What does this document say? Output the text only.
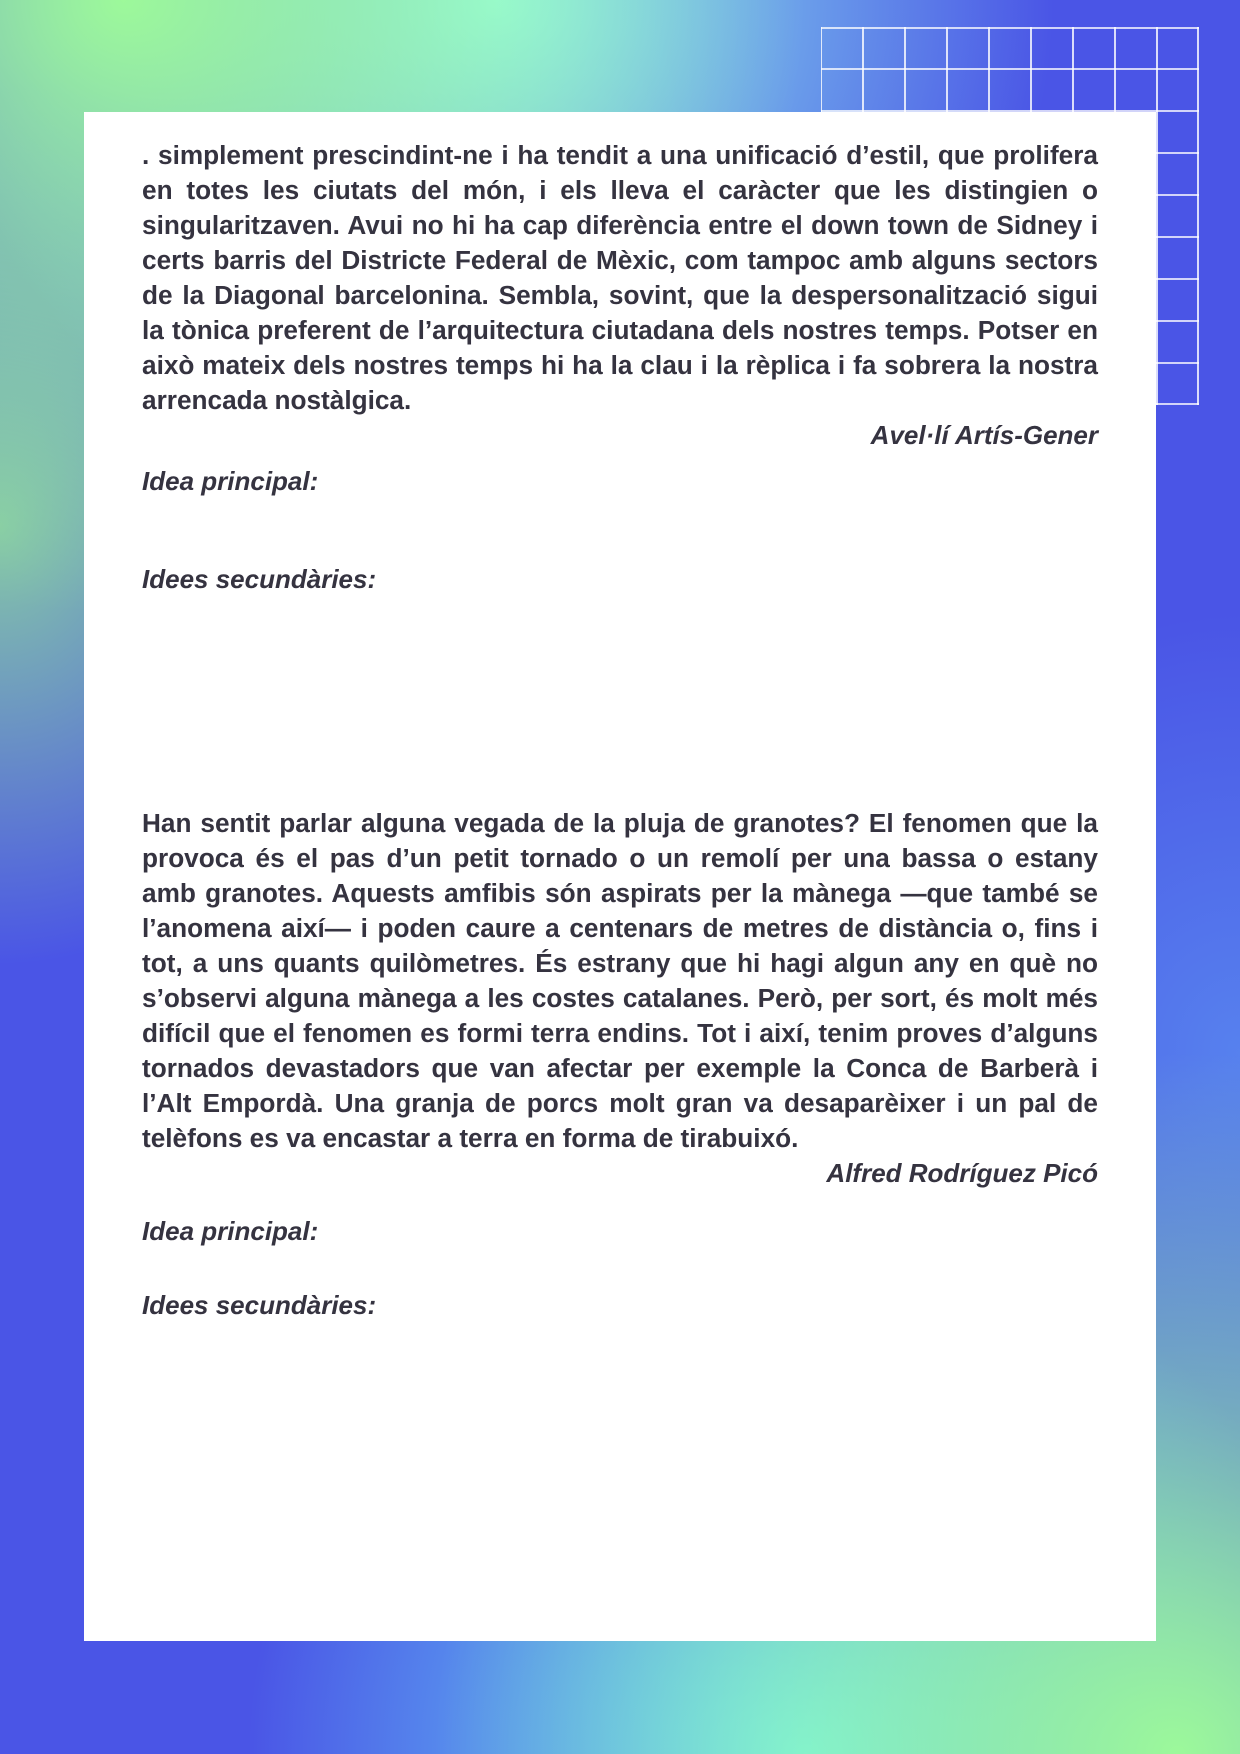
. simplement prescindint-ne i ha tendit a una unificació d’estil, que prolifera en totes les ciutats del món, i els lleva el caràcter que les distingien o singularitzaven. Avui no hi ha cap diferència entre el down town de Sidney i certs barris del Districte Federal de Mèxic, com tampoc amb alguns sectors de la Diagonal barcelonina. Sembla, sovint, que la despersonalització sigui la tònica preferent de l’arquitectura ciutadana dels nostres temps. Potser en això mateix dels nostres temps hi ha la clau i la rèplica i fa sobrera la nostra arrencada nostàlgica.

Avel·lí Artís-Gener

Idea principal:

Idees secundàries:

Han sentit parlar alguna vegada de la pluja de granotes? El fenomen que la provoca és el pas d’un petit tornado o un remolí per una bassa o estany amb granotes. Aquests amfibis són aspirats per la mànega —que també se l’anomena així— i poden caure a centenars de metres de distància o, fins i tot, a uns quants quilòmetres. És estrany que hi hagi algun any en què no s’observi alguna mànega a les costes catalanes. Però, per sort, és molt més difícil que el fenomen es formi terra endins. Tot i així, tenim proves d’alguns tornados devastadors que van afectar per exemple la Conca de Barberà i l’Alt Empordà. Una granja de porcs molt gran va desaparèixer i un pal de telèfons es va encastar a terra en forma de tirabuixó.

Alfred Rodríguez Picó

Idea principal:

Idees secundàries:
